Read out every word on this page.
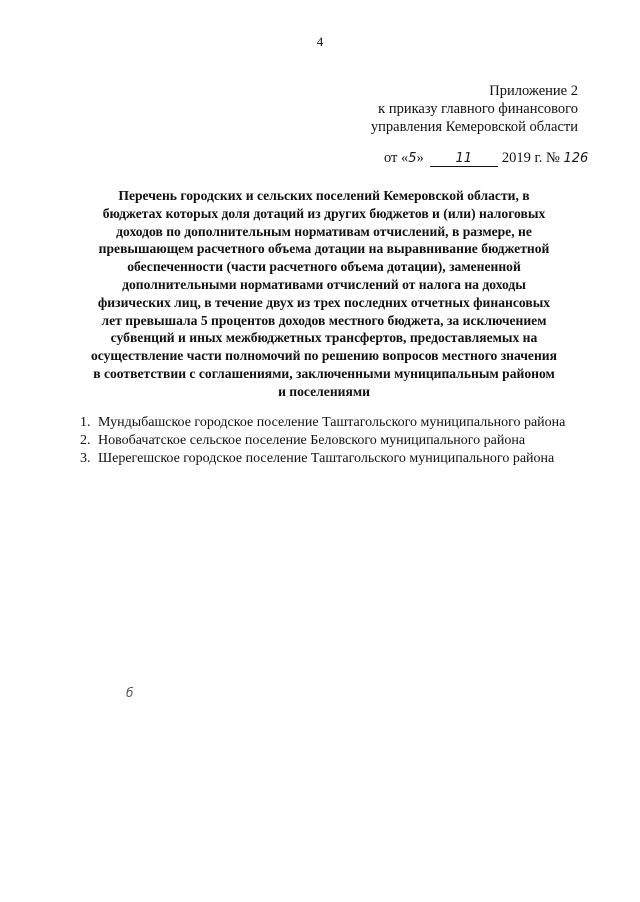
4
Приложение 2
к приказу главного финансового
управления Кемеровской области
от «5» 11 2019 г. № 126
Перечень городских и сельских поселений Кемеровской области, в
бюджетах которых доля дотаций из других бюджетов и (или) налоговых
доходов по дополнительным нормативам отчислений, в размере, не
превышающем расчетного объема дотации на выравнивание бюджетной
обеспеченности (части расчетного объема дотации), замененной
дополнительными нормативами отчислений от налога на доходы
физических лиц, в течение двух из трех последних отчетных финансовых
лет превышала 5 процентов доходов местного бюджета, за исключением
субвенций и иных межбюджетных трансфертов, предоставляемых на
осуществление части полномочий по решению вопросов местного значения
в соответствии с соглашениями, заключенными муниципальным районом
и поселениями
1. Мундыбашское городское поселение Таштагольского муниципального района
2. Новобачатское сельское поселение Беловского муниципального района
3. Шерегешское городское поселение Таштагольского муниципального района
б
